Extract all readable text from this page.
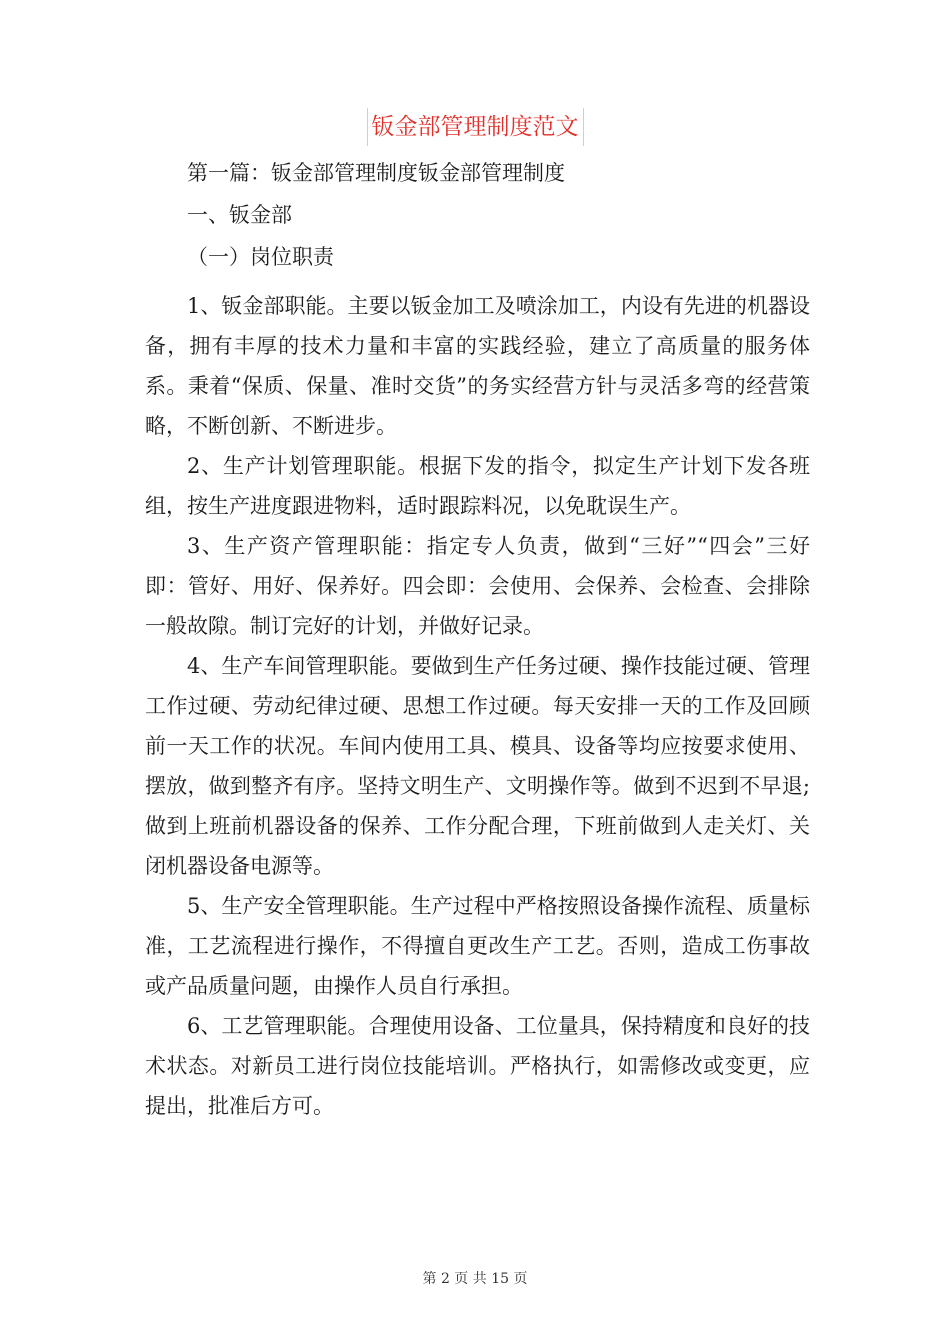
钣金部管理制度范文
第一篇：钣金部管理制度钣金部管理制度
一、钣金部
（一）岗位职责

1、钣金部职能。主要以钣金加工及喷涂加工，内设有先进的机器设备，拥有丰厚的技术力量和丰富的实践经验，建立了高质量的服务体系。秉着“保质、保量、准时交货”的务实经营方针与灵活多弯的经营策略，不断创新、不断进步。

2、生产计划管理职能。根据下发的指令，拟定生产计划下发各班组，按生产进度跟进物料，适时跟踪料况，以免耽误生产。

3、生产资产管理职能：指定专人负责，做到“三好”“四会”三好即：管好、用好、保养好。四会即：会使用、会保养、会检查、会排除一般故隙。制订完好的计划，并做好记录。

4、生产车间管理职能。要做到生产任务过硬、操作技能过硬、管理工作过硬、劳动纪律过硬、思想工作过硬。每天安排一天的工作及回顾前一天工作的状况。车间内使用工具、模具、设备等均应按要求使用、摆放，做到整齐有序。坚持文明生产、文明操作等。做到不迟到不早退;做到上班前机器设备的保养、工作分配合理，下班前做到人走关灯、关闭机器设备电源等。

5、生产安全管理职能。生产过程中严格按照设备操作流程、质量标准，工艺流程进行操作，不得擅自更改生产工艺。否则，造成工伤事故或产品质量问题，由操作人员自行承担。

6、工艺管理职能。合理使用设备、工位量具，保持精度和良好的技术状态。对新员工进行岗位技能培训。严格执行，如需修改或变更，应提出，批准后方可。

第 2 页 共 15 页
